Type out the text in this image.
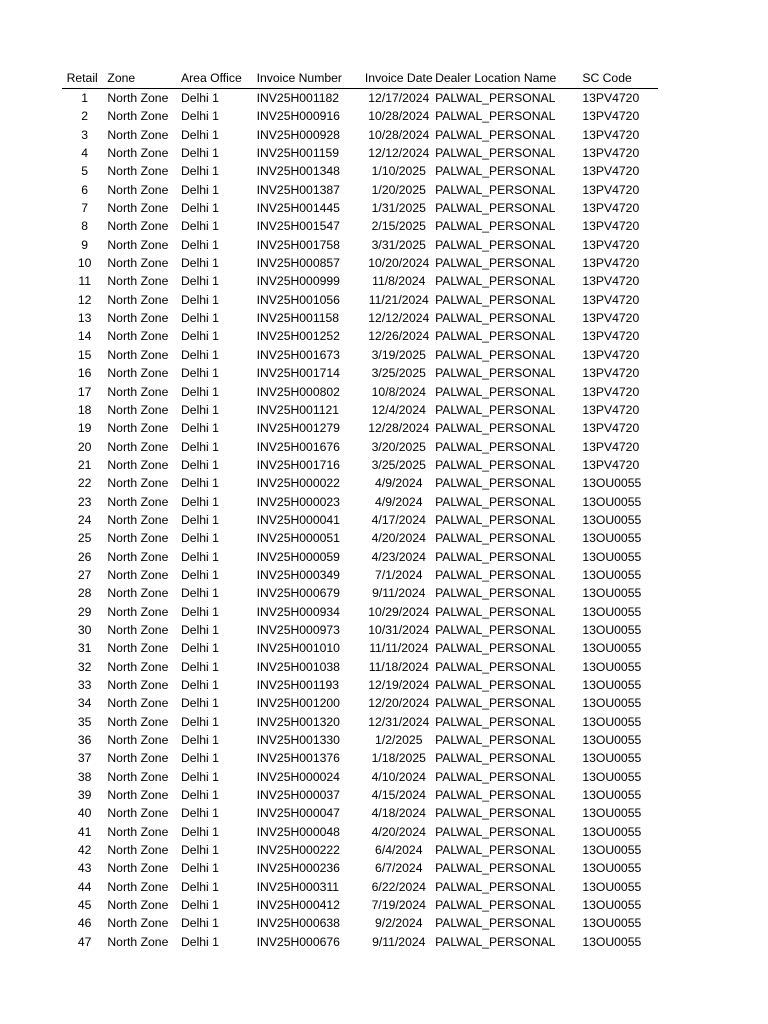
Retail	Zone	Area Office	Invoice Number	Invoice Date	Dealer Location Name	SC Code
1	North Zone	Delhi 1	INV25H001182	12/17/2024	PALWAL_PERSONAL	13PV4720
2	North Zone	Delhi 1	INV25H000916	10/28/2024	PALWAL_PERSONAL	13PV4720
3	North Zone	Delhi 1	INV25H000928	10/28/2024	PALWAL_PERSONAL	13PV4720
4	North Zone	Delhi 1	INV25H001159	12/12/2024	PALWAL_PERSONAL	13PV4720
5	North Zone	Delhi 1	INV25H001348	1/10/2025	PALWAL_PERSONAL	13PV4720
6	North Zone	Delhi 1	INV25H001387	1/20/2025	PALWAL_PERSONAL	13PV4720
7	North Zone	Delhi 1	INV25H001445	1/31/2025	PALWAL_PERSONAL	13PV4720
8	North Zone	Delhi 1	INV25H001547	2/15/2025	PALWAL_PERSONAL	13PV4720
9	North Zone	Delhi 1	INV25H001758	3/31/2025	PALWAL_PERSONAL	13PV4720
10	North Zone	Delhi 1	INV25H000857	10/20/2024	PALWAL_PERSONAL	13PV4720
11	North Zone	Delhi 1	INV25H000999	11/8/2024	PALWAL_PERSONAL	13PV4720
12	North Zone	Delhi 1	INV25H001056	11/21/2024	PALWAL_PERSONAL	13PV4720
13	North Zone	Delhi 1	INV25H001158	12/12/2024	PALWAL_PERSONAL	13PV4720
14	North Zone	Delhi 1	INV25H001252	12/26/2024	PALWAL_PERSONAL	13PV4720
15	North Zone	Delhi 1	INV25H001673	3/19/2025	PALWAL_PERSONAL	13PV4720
16	North Zone	Delhi 1	INV25H001714	3/25/2025	PALWAL_PERSONAL	13PV4720
17	North Zone	Delhi 1	INV25H000802	10/8/2024	PALWAL_PERSONAL	13PV4720
18	North Zone	Delhi 1	INV25H001121	12/4/2024	PALWAL_PERSONAL	13PV4720
19	North Zone	Delhi 1	INV25H001279	12/28/2024	PALWAL_PERSONAL	13PV4720
20	North Zone	Delhi 1	INV25H001676	3/20/2025	PALWAL_PERSONAL	13PV4720
21	North Zone	Delhi 1	INV25H001716	3/25/2025	PALWAL_PERSONAL	13PV4720
22	North Zone	Delhi 1	INV25H000022	4/9/2024	PALWAL_PERSONAL	13OU0055
23	North Zone	Delhi 1	INV25H000023	4/9/2024	PALWAL_PERSONAL	13OU0055
24	North Zone	Delhi 1	INV25H000041	4/17/2024	PALWAL_PERSONAL	13OU0055
25	North Zone	Delhi 1	INV25H000051	4/20/2024	PALWAL_PERSONAL	13OU0055
26	North Zone	Delhi 1	INV25H000059	4/23/2024	PALWAL_PERSONAL	13OU0055
27	North Zone	Delhi 1	INV25H000349	7/1/2024	PALWAL_PERSONAL	13OU0055
28	North Zone	Delhi 1	INV25H000679	9/11/2024	PALWAL_PERSONAL	13OU0055
29	North Zone	Delhi 1	INV25H000934	10/29/2024	PALWAL_PERSONAL	13OU0055
30	North Zone	Delhi 1	INV25H000973	10/31/2024	PALWAL_PERSONAL	13OU0055
31	North Zone	Delhi 1	INV25H001010	11/11/2024	PALWAL_PERSONAL	13OU0055
32	North Zone	Delhi 1	INV25H001038	11/18/2024	PALWAL_PERSONAL	13OU0055
33	North Zone	Delhi 1	INV25H001193	12/19/2024	PALWAL_PERSONAL	13OU0055
34	North Zone	Delhi 1	INV25H001200	12/20/2024	PALWAL_PERSONAL	13OU0055
35	North Zone	Delhi 1	INV25H001320	12/31/2024	PALWAL_PERSONAL	13OU0055
36	North Zone	Delhi 1	INV25H001330	1/2/2025	PALWAL_PERSONAL	13OU0055
37	North Zone	Delhi 1	INV25H001376	1/18/2025	PALWAL_PERSONAL	13OU0055
38	North Zone	Delhi 1	INV25H000024	4/10/2024	PALWAL_PERSONAL	13OU0055
39	North Zone	Delhi 1	INV25H000037	4/15/2024	PALWAL_PERSONAL	13OU0055
40	North Zone	Delhi 1	INV25H000047	4/18/2024	PALWAL_PERSONAL	13OU0055
41	North Zone	Delhi 1	INV25H000048	4/20/2024	PALWAL_PERSONAL	13OU0055
42	North Zone	Delhi 1	INV25H000222	6/4/2024	PALWAL_PERSONAL	13OU0055
43	North Zone	Delhi 1	INV25H000236	6/7/2024	PALWAL_PERSONAL	13OU0055
44	North Zone	Delhi 1	INV25H000311	6/22/2024	PALWAL_PERSONAL	13OU0055
45	North Zone	Delhi 1	INV25H000412	7/19/2024	PALWAL_PERSONAL	13OU0055
46	North Zone	Delhi 1	INV25H000638	9/2/2024	PALWAL_PERSONAL	13OU0055
47	North Zone	Delhi 1	INV25H000676	9/11/2024	PALWAL_PERSONAL	13OU0055
